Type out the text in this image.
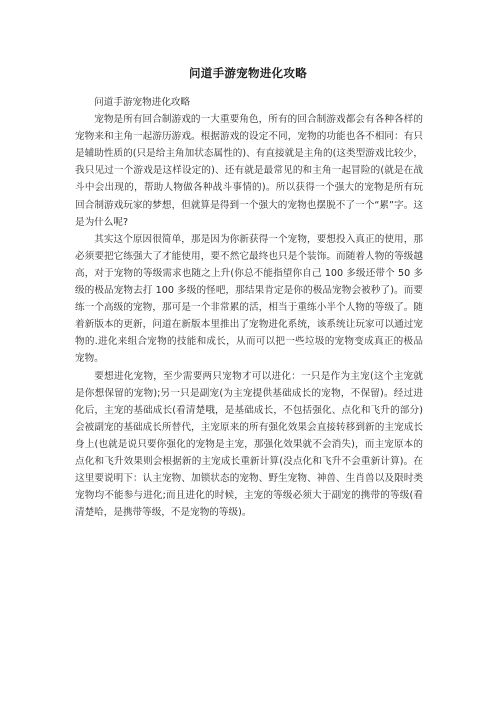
问道手游宠物进化攻略

问道手游宠物进化攻略

宠物是所有回合制游戏的一大重要角色，所有的回合制游戏都会有各种各样的宠物来和主角一起游历游戏。根据游戏的设定不同，宠物的功能也各不相同：有只是辅助性质的(只是给主角加状态属性的)、有直接就是主角的(这类型游戏比较少，我只见过一个游戏是这样设定的)、还有就是最常见的和主角一起冒险的(就是在战斗中会出现的，帮助人物做各种战斗事情的)。所以获得一个强大的宠物是所有玩回合制游戏玩家的梦想，但就算是得到一个强大的宠物也摆脱不了一个“累”字。这是为什么呢?

其实这个原因很简单，那是因为你新获得一个宠物，要想投入真正的使用，那必须要把它练强大了才能使用，要不然它最终也只是个装饰。而随着人物的等级越高，对于宠物的等级需求也随之上升(你总不能指望你自己 100 多级还带个 50 多级的极品宠物去打 100 多级的怪吧，那结果肯定是你的极品宠物会被秒了)。而要练一个高级的宠物，那可是一个非常累的活，相当于重练小半个人物的等级了。随着新版本的更新，问道在新版本里推出了宠物进化系统，该系统让玩家可以通过宠物的.进化来组合宠物的技能和成长，从而可以把一些垃圾的宠物变成真正的极品宠物。

要想进化宠物，至少需要两只宠物才可以进化：一只是作为主宠(这个主宠就是你想保留的宠物);另一只是副宠(为主宠提供基础成长的宠物，不保留)。经过进化后，主宠的基础成长(看清楚哦，是基础成长，不包括强化、点化和飞升的部分)会被副宠的基础成长所替代，主宠原来的所有强化效果会直接转移到新的主宠成长身上(也就是说只要你强化的宠物是主宠，那强化效果就不会消失)，而主宠原本的点化和飞升效果则会根据新的主宠成长重新计算(没点化和飞升不会重新计算)。在这里要说明下：认主宠物、加锁状态的宠物、野生宠物、神兽、生肖兽以及限时类宠物均不能参与进化;而且进化的时候，主宠的等级必须大于副宠的携带的等级(看清楚哈，是携带等级，不是宠物的等级)。
